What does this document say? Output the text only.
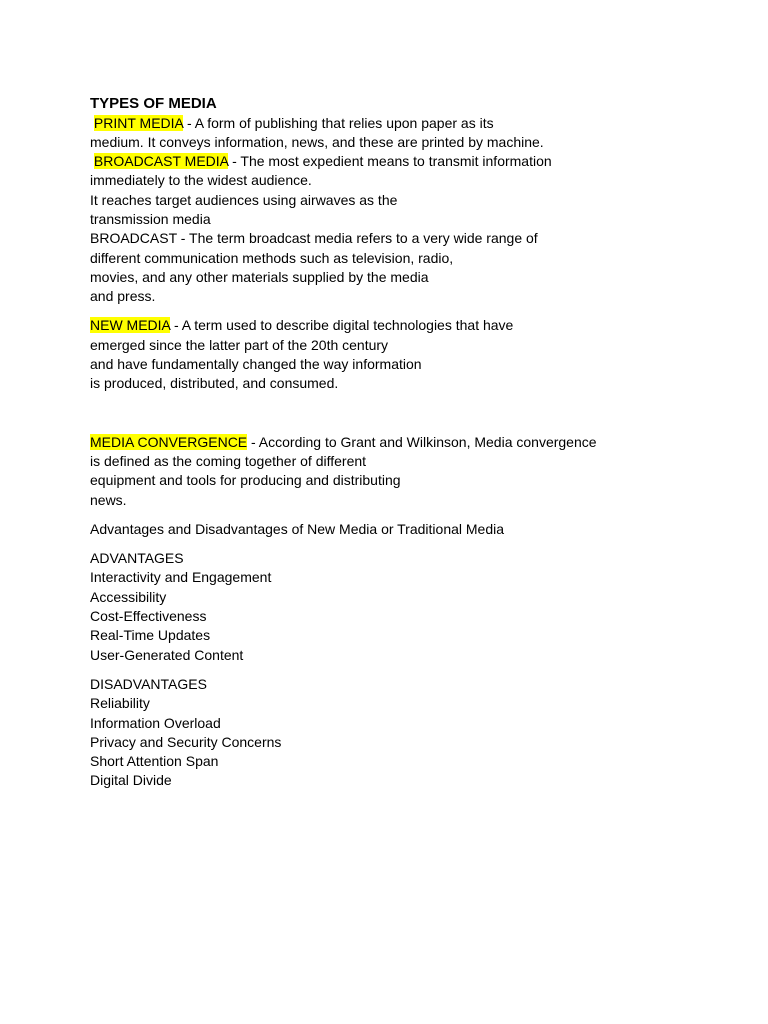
TYPES OF MEDIA
PRINT MEDIA - A form of publishing that relies upon paper as its
medium. It conveys information, news, and these are printed by machine.
BROADCAST MEDIA - The most expedient means to transmit information
immediately to the widest audience.
It reaches target audiences using airwaves as the
transmission media
BROADCAST - The term broadcast media refers to a very wide range of
different communication methods such as television, radio,
movies, and any other materials supplied by the media
and press.
NEW MEDIA - A term used to describe digital technologies that have
emerged since the latter part of the 20th century
and have fundamentally changed the way information
is produced, distributed, and consumed.
MEDIA CONVERGENCE - According to Grant and Wilkinson, Media convergence
is defined as the coming together of different
equipment and tools for producing and distributing
news.
Advantages and Disadvantages of New Media or Traditional Media
ADVANTAGES
Interactivity and Engagement
Accessibility
Cost-Effectiveness
Real-Time Updates
User-Generated Content
DISADVANTAGES
Reliability
Information Overload
Privacy and Security Concerns
Short Attention Span
Digital Divide
